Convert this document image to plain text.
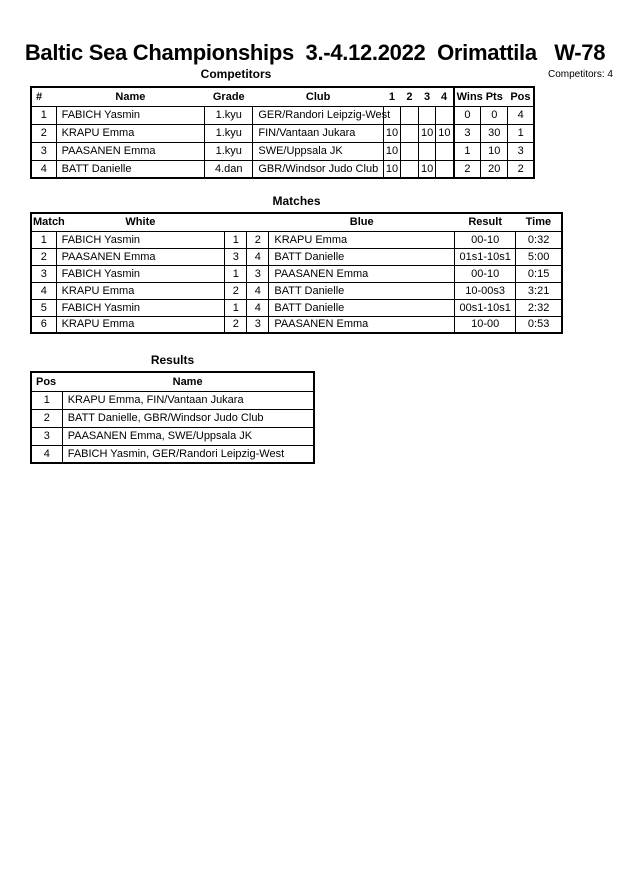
Baltic Sea Championships  3.-4.12.2022  Orimattila   W-78
Competitors	Competitors: 4
#	Name	Grade	Club	1	2	3	4	Wins	Pts	Pos
1	FABICH Yasmin	1.kyu	GER/Randori Leipzig-West					0	0	4
2	KRAPU Emma	1.kyu	FIN/Vantaan Jukara	10		10	10	3	30	1
3	PAASANEN Emma	1.kyu	SWE/Uppsala JK	10				1	10	3
4	BATT Danielle	4.dan	GBR/Windsor Judo Club	10		10		2	20	2
Matches
Match	White			Blue	Result	Time
1	FABICH Yasmin	1	2	KRAPU Emma	00-10	0:32
2	PAASANEN Emma	3	4	BATT Danielle	01s1-10s1	5:00
3	FABICH Yasmin	1	3	PAASANEN Emma	00-10	0:15
4	KRAPU Emma	2	4	BATT Danielle	10-00s3	3:21
5	FABICH Yasmin	1	4	BATT Danielle	00s1-10s1	2:32
6	KRAPU Emma	2	3	PAASANEN Emma	10-00	0:53
Results
Pos	Name
1	KRAPU Emma, FIN/Vantaan Jukara
2	BATT Danielle, GBR/Windsor Judo Club
3	PAASANEN Emma, SWE/Uppsala JK
4	FABICH Yasmin, GER/Randori Leipzig-West
